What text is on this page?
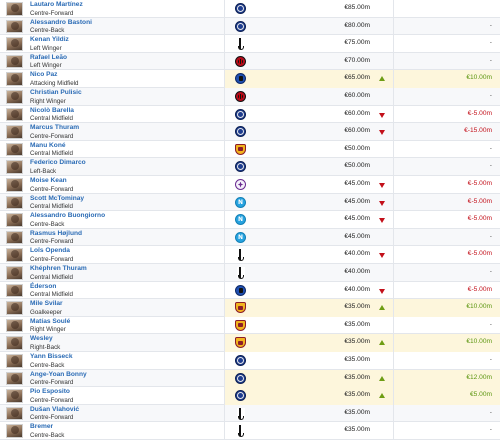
Lautaro Martínez
Centre-Forward
€85.00m
Alessandro Bastoni
Centre-Back
€80.00m	-
Kenan Yildiz
Left Winger
€75.00m	-
Rafael Leão
Left Winger
€70.00m	-
Nico Paz
Attacking Midfield
€65.00m	€10.00m
Christian Pulisic
Right Winger
€60.00m	-
Nicolò Barella
Central Midfield
€60.00m	€-5.00m
Marcus Thuram
Centre-Forward
€60.00m	€-15.00m
Manu Koné
Central Midfield
€50.00m	-
Federico Dimarco
Left-Back
€50.00m	-
Moise Kean
Centre-Forward
€45.00m	€-5.00m
Scott McTominay
Central Midfield
N
€45.00m	€-5.00m
Alessandro Buongiorno
Centre-Back
N
€45.00m	€-5.00m
Rasmus Højlund
Centre-Forward
N
€45.00m	-
Loïs Openda
Centre-Forward
€40.00m	€-5.00m
Khéphren Thuram
Central Midfield
€40.00m	-
Éderson
Central Midfield
€40.00m	€-5.00m
Mile Svilar
Goalkeeper
€35.00m	€10.00m
Matías Soulé
Right Winger
€35.00m	-
Wesley
Right-Back
€35.00m	€10.00m
Yann Bisseck
Centre-Back
€35.00m	-
Ange-Yoan Bonny
Centre-Forward
€35.00m	€12.00m
Pio Esposito
Centre-Forward
€35.00m	€5.00m
Dušan Vlahović
Centre-Forward
€35.00m	-
Bremer
Centre-Back
€35.00m	-
